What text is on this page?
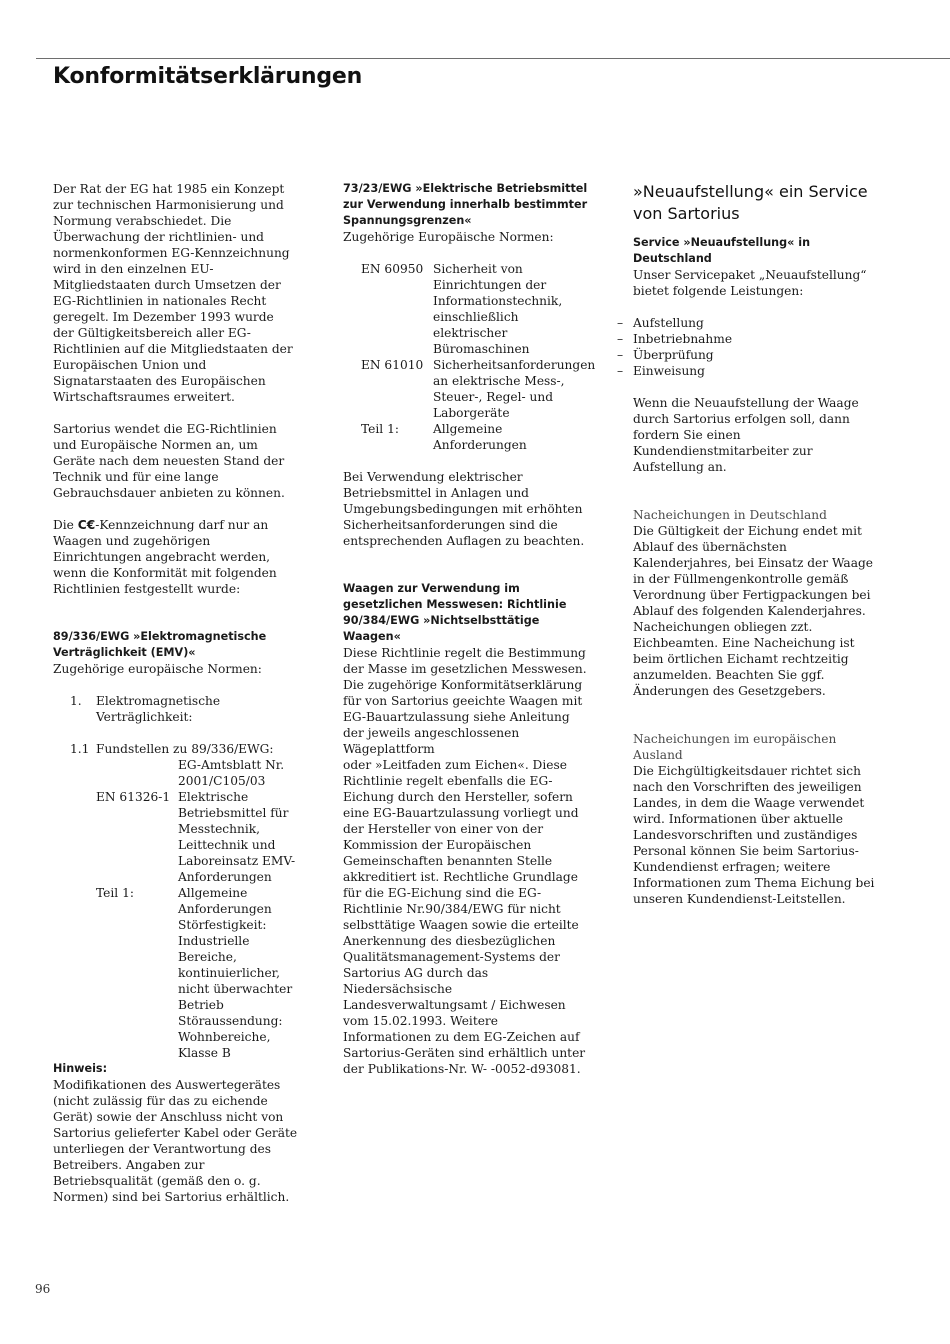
Konformitätserklärungen

Der Rat der EG hat 1985 ein Konzept zur technischen Harmonisierung und Normung verabschiedet. Die Überwachung der richtlinien- und normenkonformen EG-Kennzeichnung wird in den einzelnen EU-Mitgliedstaaten durch Umsetzen der EG-Richtlinien in nationales Recht geregelt. Im Dezember 1993 wurde der Gültigkeitsbereich aller EG-Richtlinien auf die Mitgliedstaaten der Europäischen Union und Signatarstaaten des Europäischen Wirtschaftsraumes erweitert.

Sartorius wendet die EG-Richtlinien und Europäische Normen an, um Geräte nach dem neuesten Stand der Technik und für eine lange Gebrauchsdauer anbieten zu können.

Die C€-Kennzeichnung darf nur an Waagen und zugehörigen Einrichtungen angebracht werden, wenn die Konformität mit folgenden Richtlinien festgestellt wurde:

89/336/EWG »Elektromagnetische Verträglichkeit (EMV)«

Zugehörige europäische Normen:

1.	Elektromagnetische Verträglichkeit:
1.1 Fundstellen zu 89/336/EWG:
EG-Amtsblatt Nr. 2001/C105/03
EN 61326-1 Elektrische Betriebsmittel für Messtechnik, Leittechnik und Laboreinsatz EMV-Anforderungen
Teil 1:	Allgemeine Anforderungen Störfestigkeit: Industrielle Bereiche, kontinuierlicher, nicht überwachter Betrieb Störaussendung: Wohnbereiche, Klasse B

Hinweis:

Modifikationen des Auswertegerätes (nicht zulässig für das zu eichende Gerät) sowie der Anschluss nicht von Sartorius gelieferter Kabel oder Geräte unterliegen der Verantwortung des Betreibers. Angaben zur Betriebsqualität (gemäß den o. g. Normen) sind bei Sartorius erhältlich.

73/23/EWG »Elektrische Betriebsmittel zur Verwendung innerhalb bestimmter Spannungsgrenzen«

Zugehörige Europäische Normen:

EN 60950 Sicherheit von Einrichtungen der Informationstechnik, einschließlich elektrischer Büromaschinen
EN 61010 Sicherheitsanforderungen an elektrische Mess-, Steuer-, Regel- und Laborgeräte
Teil 1:	Allgemeine Anforderungen

Bei Verwendung elektrischer Betriebsmittel in Anlagen und Umgebungsbedingungen mit erhöhten Sicherheitsanforderungen sind die entsprechenden Auflagen zu beachten.

Waagen zur Verwendung im gesetzlichen Messwesen: Richtlinie 90/384/EWG »Nichtselbsttätige Waagen«

Diese Richtlinie regelt die Bestimmung der Masse im gesetzlichen Messwesen. Die zugehörige Konformitätserklärung für von Sartorius geeichte Waagen mit EG-Bauartzulassung siehe Anleitung der jeweils angeschlossenen Wägeplattform

oder »Leitfaden zum Eichen«. Diese Richtlinie regelt ebenfalls die EG-Eichung durch den Hersteller, sofern eine EG-Bauartzulassung vorliegt und der Hersteller von einer von der Kommission der Europäischen Gemeinschaften benannten Stelle akkreditiert ist. Rechtliche Grundlage für die EG-Eichung sind die EG-Richtlinie Nr.90/384/EWG für nicht selbsttätige Waagen sowie die erteilte Anerkennung des diesbezüglichen Qualitätsmanagement-Systems der Sartorius AG durch das Niedersächsische Landesverwaltungsamt / Eichwesen vom 15.02.1993. Weitere Informationen zu dem EG-Zeichen auf Sartorius-Geräten sind erhältlich unter der Publikations-Nr. W- -0052-d93081.

»Neuaufstellung« ein Service von Sartorius

Service »Neuaufstellung« in Deutschland

Unser Servicepaket „Neuaufstellung“ bietet folgende Leistungen:

– Aufstellung
– Inbetriebnahme
– Überprüfung
– Einweisung

Wenn die Neuaufstellung der Waage durch Sartorius erfolgen soll, dann fordern Sie einen Kundendienstmitarbeiter zur Aufstellung an.

Nacheichungen in Deutschland

Die Gültigkeit der Eichung endet mit Ablauf des übernächsten Kalenderjahres, bei Einsatz der Waage in der Füllmengenkontrolle gemäß Verordnung über Fertigpackungen bei Ablauf des folgenden Kalenderjahres. Nacheichungen obliegen zzt. Eichbeamten. Eine Nacheichung ist beim örtlichen Eichamt rechtzeitig anzumelden. Beachten Sie ggf. Änderungen des Gesetzgebers.

Nacheichungen im europäischen Ausland

Die Eichgültigkeitsdauer richtet sich nach den Vorschriften des jeweiligen Landes, in dem die Waage verwendet wird. Informationen über aktuelle Landesvorschriften und zuständiges Personal können Sie beim Sartorius-Kundendienst erfragen; weitere Informationen zum Thema Eichung bei unseren Kundendienst-Leitstellen.

96
